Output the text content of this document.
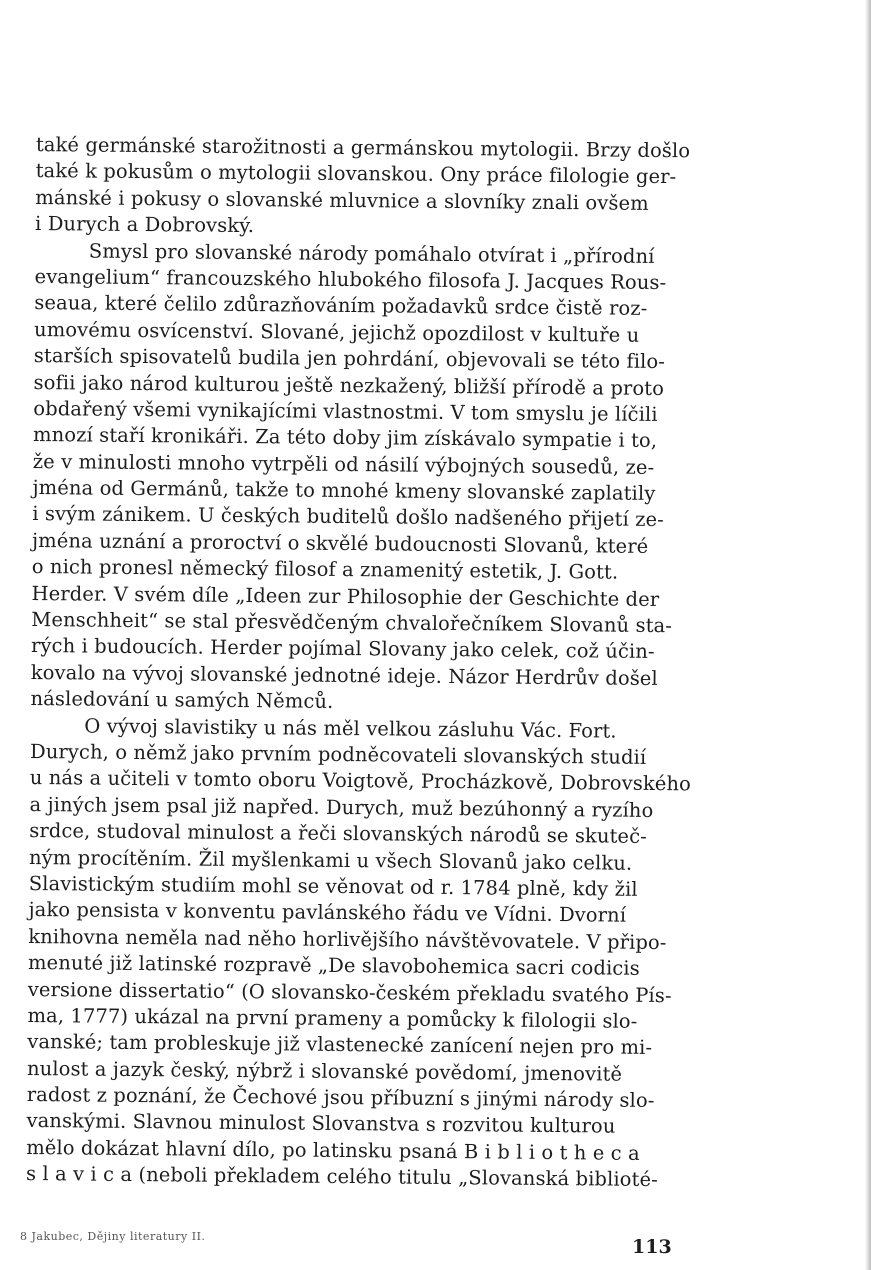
také germánské starožitnosti a germánskou mytologii. Brzy došlo
také k pokusům o mytologii slovanskou. Ony práce filologie ger-
mánské i pokusy o slovanské mluvnice a slovníky znali ovšem
i Durych a Dobrovský.
Smysl pro slovanské národy pomáhalo otvírat i „přírodní
evangelium“ francouzského hlubokého filosofa J. Jacques Rous-
seaua, které čelilo zdůrazňováním požadavků srdce čistě roz-
umovému osvícenství. Slované, jejichž opozdilost v kultuře u
starších spisovatelů budila jen pohrdání, objevovali se této filo-
sofii jako národ kulturou ještě nezkažený, bližší přírodě a proto
obdařený všemi vynikajícími vlastnostmi. V tom smyslu je líčili
mnozí staří kronikáři. Za této doby jim získávalo sympatie i to,
že v minulosti mnoho vytrpěli od násilí výbojných sousedů, ze-
jména od Germánů, takže to mnohé kmeny slovanské zaplatily
i svým zánikem. U českých buditelů došlo nadšeného přijetí ze-
jména uznání a proroctví o skvělé budoucnosti Slovanů, které
o nich pronesl německý filosof a znamenitý estetik, J. Gott.
Herder. V svém díle „Ideen zur Philosophie der Geschichte der
Menschheit“ se stal přesvědčeným chvalořečníkem Slovanů sta-
rých i budoucích. Herder pojímal Slovany jako celek, což účin-
kovalo na vývoj slovanské jednotné ideje. Názor Herdrův došel
následování u samých Němců.
O vývoj slavistiky u nás měl velkou zásluhu Vác. Fort.
Durych, o němž jako prvním podněcovateli slovanských studií
u nás a učiteli v tomto oboru Voigtově, Procházkově, Dobrovského
a jiných jsem psal již napřed. Durych, muž bezúhonný a ryzího
srdce, studoval minulost a řeči slovanských národů se skuteč-
ným procítěním. Žil myšlenkami u všech Slovanů jako celku.
Slavistickým studiím mohl se věnovat od r. 1784 plně, kdy žil
jako pensista v konventu pavlánského řádu ve Vídni. Dvorní
knihovna neměla nad něho horlivějšího návštěvovatele. V připo-
menuté již latinské rozpravě „De slavobohemica sacri codicis
versione dissertatio“ (O slovansko-českém překladu svatého Pís-
ma, 1777) ukázal na první prameny a pomůcky k filologii slo-
vanské; tam probleskuje již vlastenecké zanícení nejen pro mi-
nulost a jazyk český, nýbrž i slovanské povědomí, jmenovitě
radost z poznání, že Čechové jsou příbuzní s jinými národy slo-
vanskými. Slavnou minulost Slovanstva s rozvitou kulturou
mělo dokázat hlavní dílo, po latinsku psaná B i b l i o t h e c a
s l a v i c a (neboli překladem celého titulu „Slovanská biblioté-
8 Jakubec, Dějiny literatury II.	113
